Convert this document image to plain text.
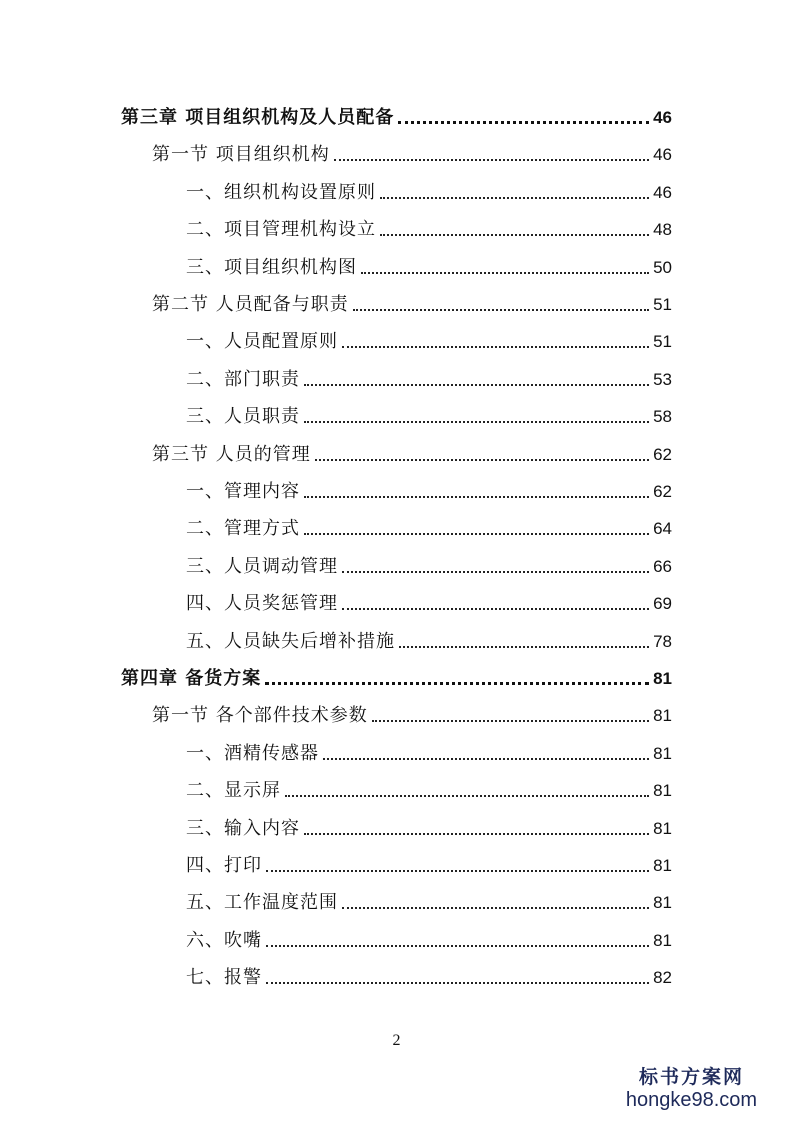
第三章 项目组织机构及人员配备	46
第一节 项目组织机构	46
一、组织机构设置原则	46
二、项目管理机构设立	48
三、项目组织机构图	50
第二节 人员配备与职责	51
一、人员配置原则	51
二、部门职责	53
三、人员职责	58
第三节 人员的管理	62
一、管理内容	62
二、管理方式	64
三、人员调动管理	66
四、人员奖惩管理	69
五、人员缺失后增补措施	78
第四章 备货方案	81
第一节 各个部件技术参数	81
一、酒精传感器	81
二、显示屏	81
三、输入内容	81
四、打印	81
五、工作温度范围	81
六、吹嘴	81
七、报警	82
2
标书方案网
hongke98.com
